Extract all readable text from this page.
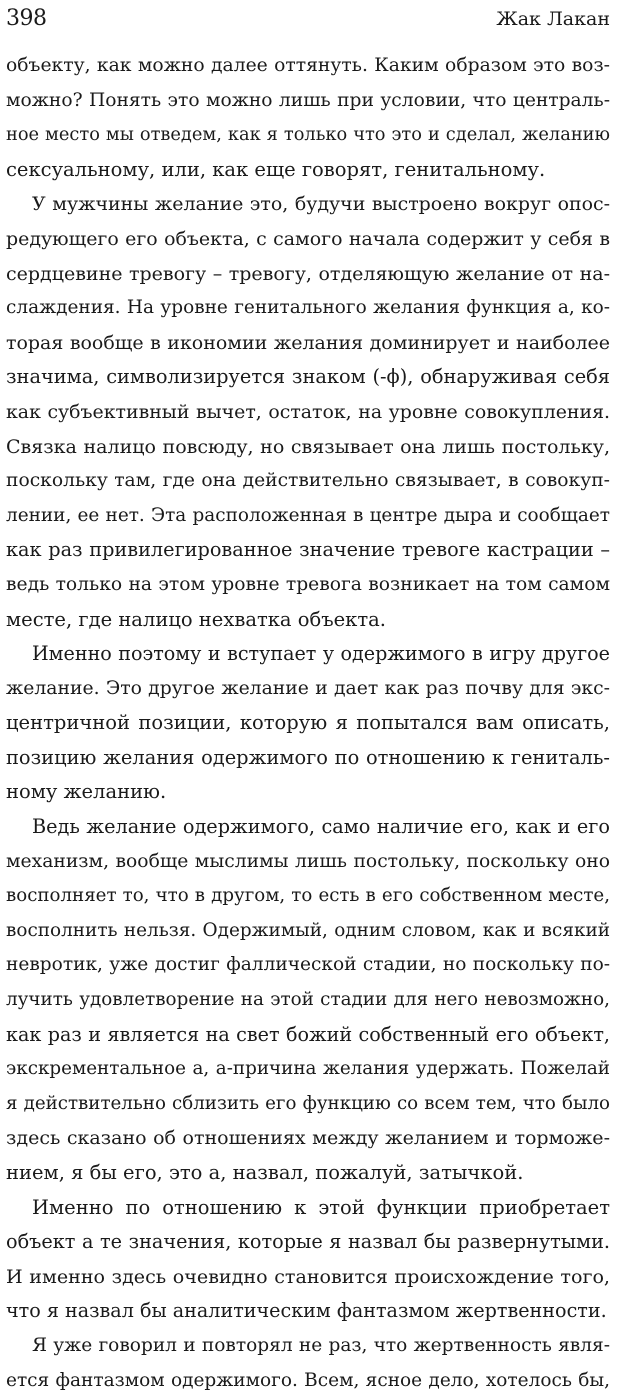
398	Жак Лакан
объекту, как можно далее оттянуть. Каким образом это воз-
можно? Понять это можно лишь при условии, что централь-
ное место мы отведем, как я только что это и сделал, желанию
сексуальному, или, как еще говорят, генитальному.
У мужчины желание это, будучи выстроено вокруг опос-
редующего его объекта, с самого начала содержит у себя в
сердцевине тревогу – тревогу, отделяющую желание от на-
слаждения. На уровне генитального желания функция a, ко-
торая вообще в икономии желания доминирует и наиболее
значима, символизируется знаком (-ϕ), обнаруживая себя
как субъективный вычет, остаток, на уровне совокупления.
Связка налицо повсюду, но связывает она лишь постольку,
поскольку там, где она действительно связывает, в совокуп-
лении, ее нет. Эта расположенная в центре дыра и сообщает
как раз привилегированное значение тревоге кастрации –
ведь только на этом уровне тревога возникает на том самом
месте, где налицо нехватка объекта.
Именно поэтому и вступает у одержимого в игру другое
желание. Это другое желание и дает как раз почву для экс-
центричной позиции, которую я попытался вам описать,
позицию желания одержимого по отношению к гениталь-
ному желанию.
Ведь желание одержимого, само наличие его, как и его
механизм, вообще мыслимы лишь постольку, поскольку оно
восполняет то, что в другом, то есть в его собственном месте,
восполнить нельзя. Одержимый, одним словом, как и всякий
невротик, уже достиг фаллической стадии, но поскольку по-
лучить удовлетворение на этой стадии для него невозможно,
как раз и является на свет божий собственный его объект,
экскрементальное a, a-причина желания удержать. Пожелай
я действительно сблизить его функцию со всем тем, что было
здесь сказано об отношениях между желанием и торможе-
нием, я бы его, это a, назвал, пожалуй, затычкой.
Именно по отношению к этой функции приобретает
объект a те значения, которые я назвал бы развернутыми.
И именно здесь очевидно становится происхождение того,
что я назвал бы аналитическим фантазмом жертвенности.
Я уже говорил и повторял не раз, что жертвенность явля-
ется фантазмом одержимого. Всем, ясное дело, хотелось бы,
